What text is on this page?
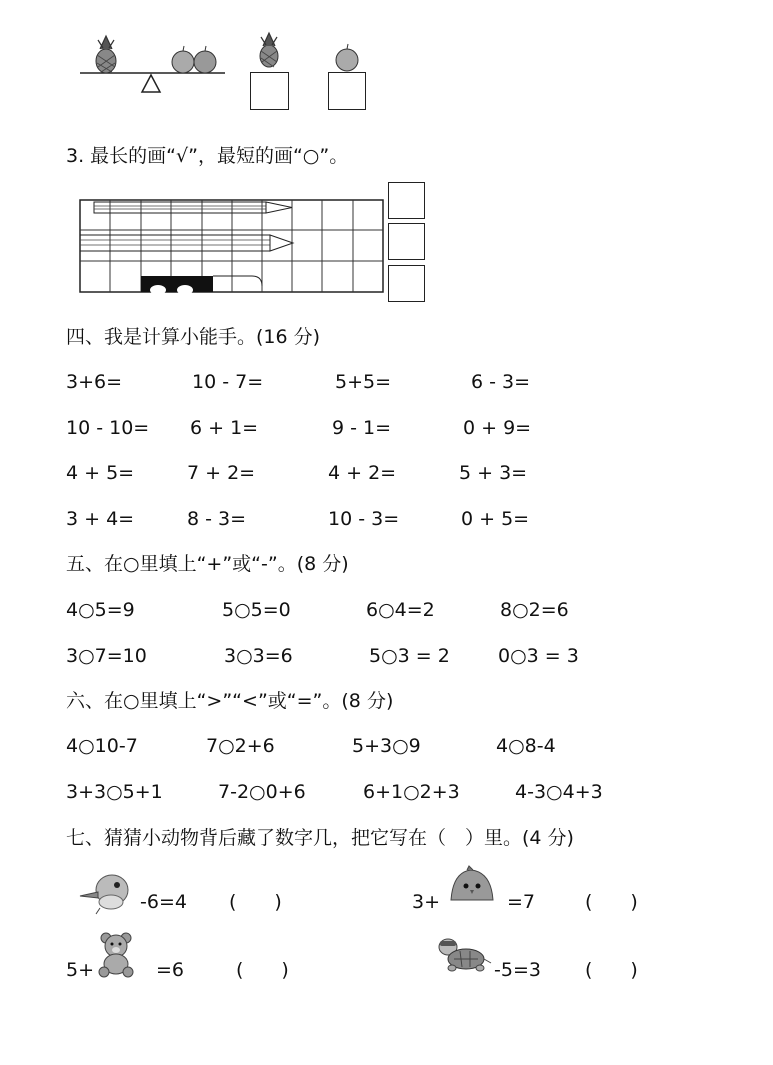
3. 最长的画“√”，最短的画“○”。
四、我是计算小能手。(16 分)
3+6=	10 - 7=	5+5=	6 - 3=
10 - 10= 6 + 1=	9 - 1=	0 + 9=
4 + 5=	7 + 2=	4 + 2=	5 + 3=
3 + 4=	8 - 3=	10 - 3=	0 + 5=
五、在○里填上“+”或“-”。(8 分)
4○5=9	5○5=0	6○4=2	8○2=6
3○7=10	3○3=6	5○3 = 2	0○3 = 3
六、在○里填上“>”“<”或“=”。(8 分)
4○10-7	7○2+6	5+3○9	4○8-4
3+3○5+1	7-2○0+6	6+1○2+3	4-3○4+3
七、猜猜小动物背后藏了数字几，把它写在（　）里。(4 分)
-6=4 (　　)	3+	=7	(　　)
5+	=6	(　　)	-5=3 (　　)
